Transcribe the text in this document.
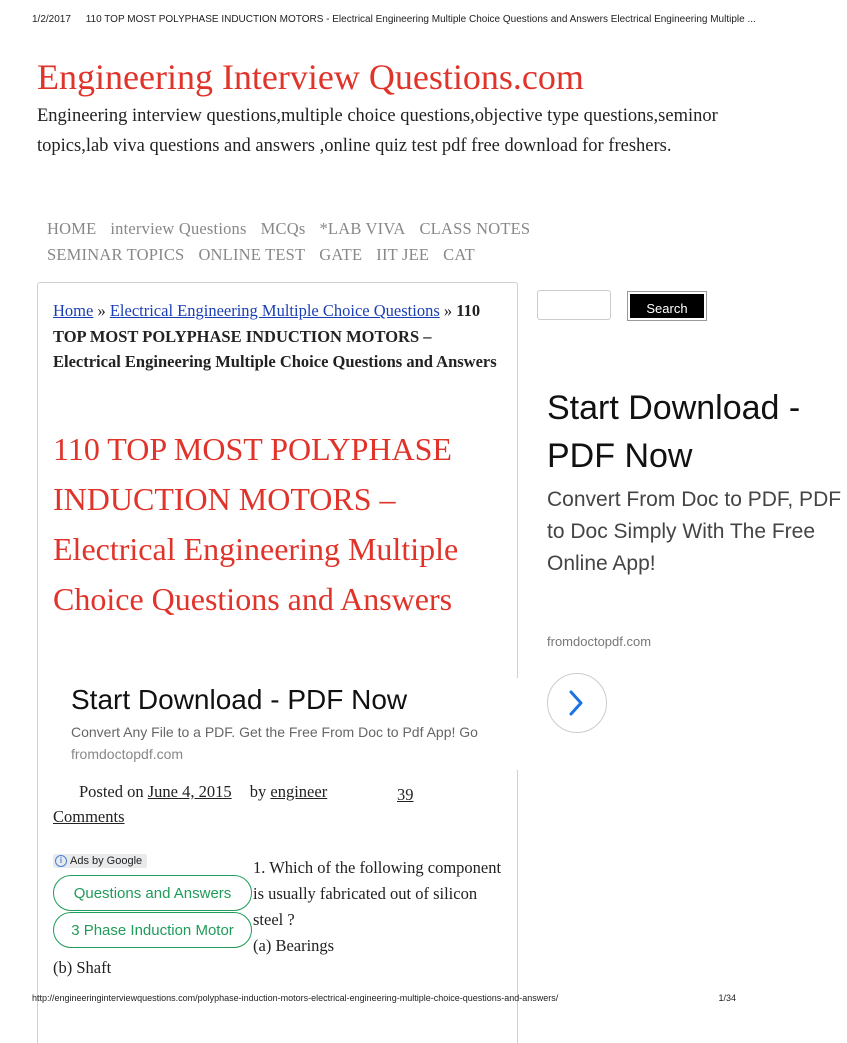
1/2/2017 110 TOP MOST POLYPHASE INDUCTION MOTORS - Electrical Engineering Multiple Choice Questions and Answers Electrical Engineering Multiple ...
Engineering Interview Questions.com
Engineering interview questions,multiple choice questions,objective type questions,seminor topics,lab viva questions and answers ,online quiz test pdf free download for freshers.
HOME interview Questions MCQs *LAB VIVA CLASS NOTES
SEMINAR TOPICS ONLINE TEST GATE IIT JEE CAT
Home » Electrical Engineering Multiple Choice Questions » 110 TOP MOST POLYPHASE INDUCTION MOTORS – Electrical Engineering Multiple Choice Questions and Answers
110 TOP MOST POLYPHASE INDUCTION MOTORS – Electrical Engineering Multiple Choice Questions and Answers
Start Download - PDF Now
Convert Any File to a PDF. Get the Free From Doc to Pdf App! Go
fromdoctopdf.com
Posted on June 4, 2015 by engineer	39

Comments
i Ads by Google
Questions and Answers
3 Phase Induction Motor
1. Which of the following component is usually fabricated out of silicon steel ?
(a) Bearings
(b) Shaft
Search
Start Download - PDF Now
Convert From Doc to PDF, PDF to Doc Simply With The Free Online App!
fromdoctopdf.com
http://engineeringinterviewquestions.com/polyphase-induction-motors-electrical-engineering-multiple-choice-questions-and-answers/	1/34
